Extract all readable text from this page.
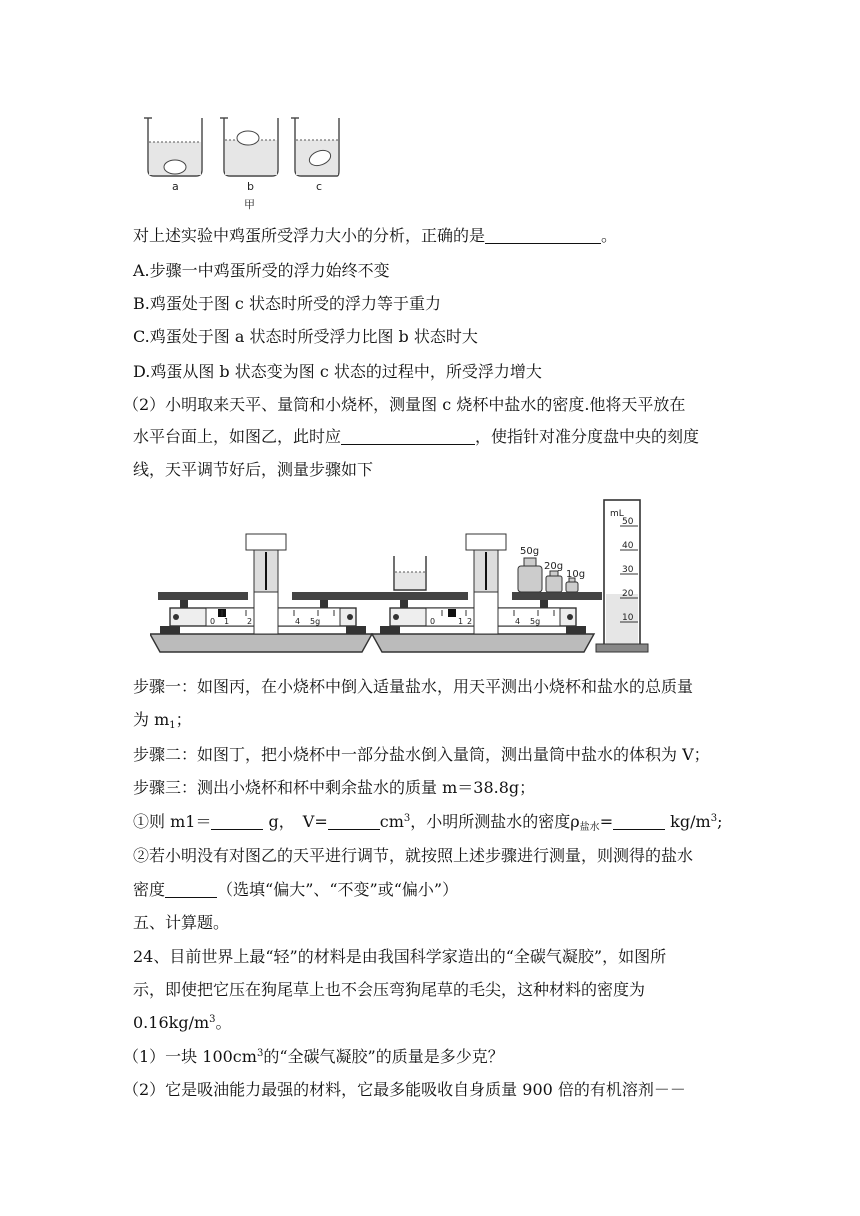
a	b
甲
c
对上述实验中鸡蛋所受浮力大小的分析，正确的是	。
A.步骤一中鸡蛋所受的浮力始终不变
B.鸡蛋处于图 c 状态时所受的浮力等于重力
C.鸡蛋处于图 a 状态时所受浮力比图 b 状态时大
D.鸡蛋从图 b 状态变为图 c 状态的过程中，所受浮力增大
（2）小明取来天平、量筒和小烧杯，测量图 c 烧杯中盐水的密度.他将天平放在
水平台面上，如图乙，此时应	，使指针对准分度盘中央的刻度
线，天平调节好后，测量步骤如下
0 1 2	4 5g	0	1 2	4 5g
50g
20g
10g
mL
50
40
30
20
10
步骤一：如图丙，在小烧杯中倒入适量盐水，用天平测出小烧杯和盐水的总质量
为 $m_1$；
步骤二：如图丁，把小烧杯中一部分盐水倒入量筒，测出量筒中盐水的体积为 V；
步骤三：测出小烧杯和杯中剩余盐水的质量 m＝38.8g；
①则 m1＝	g，　V=	$cm^3$，小明所测盐水的密度$\rho_{盐水}=$	$kg/m^3$;
②若小明没有对图乙的天平进行调节，就按照上述步骤进行测量，则测得的盐水
密度	（选填“偏大”、“不变”或“偏小”）
五、计算题。
24、目前世界上最“轻”的材料是由我国科学家造出的“全碳气凝胶”，如图所
示，即使把它压在狗尾草上也不会压弯狗尾草的毛尖，这种材料的密度为
$0.16kg/m^3$。
（1）一块 $100cm^3$的“全碳气凝胶”的质量是多少克？
（2）它是吸油能力最强的材料，它最多能吸收自身质量 900 倍的有机溶剂－－
